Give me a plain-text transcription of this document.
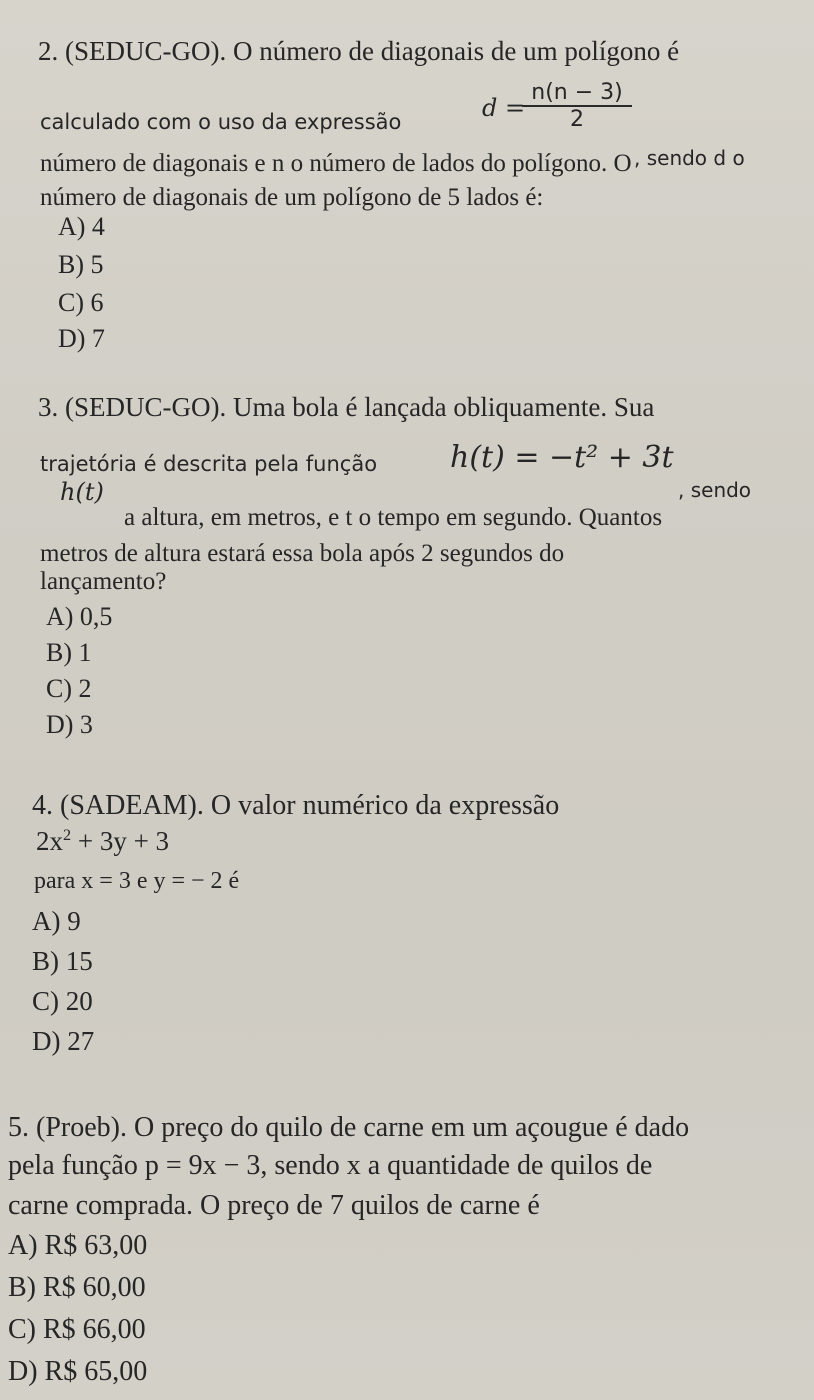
2. (SEDUC-GO). O número de diagonais de um polígono é
calculado com o uso da expressão	d =
$\frac{n(n - 3)}{2}$
, sendo d o
número de diagonais e n o número de lados do polígono. O
número de diagonais de um polígono de 5 lados é:
A) 4
B) 5
C) 6
D) 7
3. (SEDUC-GO). Uma bola é lançada obliquamente. Sua
trajetória é descrita pela função h(t) = −t² + 3t
, sendo
h(t)
a altura, em metros, e t o tempo em segundo. Quantos
metros de altura estará essa bola após 2 segundos do
lançamento?
A) 0,5
B) 1
C) 2
D) 3
4. (SADEAM). O valor numérico da expressão
$2x^2 + 3y + 3$
para x = 3 e y = − 2 é
A) 9
B) 15
C) 20
D) 27
5. (Proeb). O preço do quilo de carne em um açougue é dado
pela função p = 9x − 3, sendo x a quantidade de quilos de
carne comprada. O preço de 7 quilos de carne é
A) R$ 63,00
B) R$ 60,00
C) R$ 66,00
D) R$ 65,00
